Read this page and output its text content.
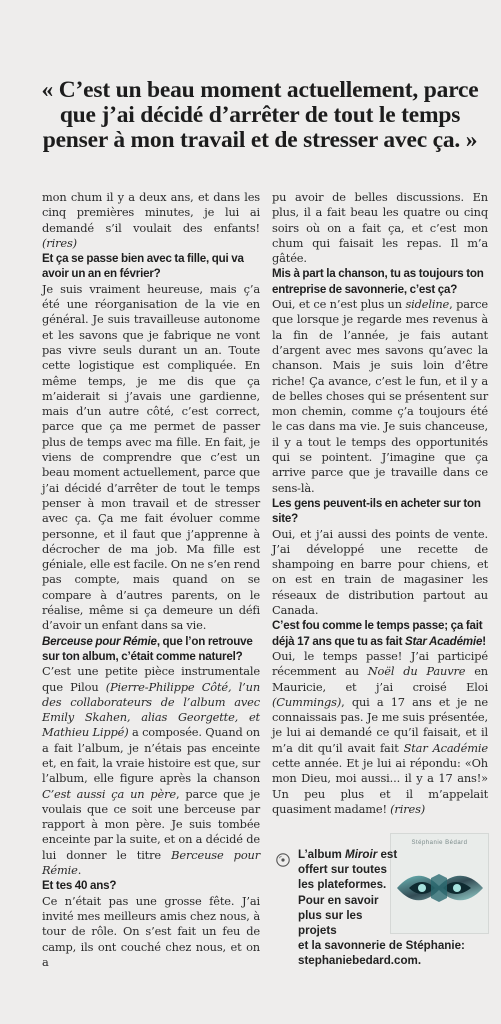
« C’est un beau moment actuellement, parce que j’ai décidé d’arrêter de tout le temps penser à mon travail et de stresser avec ça. »

mon chum il y a deux ans, et dans les cinq premières minutes, je lui ai demandé s’il voulait des enfants! (rires)

Et ça se passe bien avec ta fille, qui va avoir un an en février?

Je suis vraiment heureuse, mais ç’a été une réorganisation de la vie en général. Je suis travailleuse autonome et les savons que je fabrique ne vont pas vivre seuls durant un an. Toute cette logistique est compliquée. En même temps, je me dis que ça m’aiderait si j’avais une gardienne, mais d’un autre côté, c’est correct, parce que ça me permet de passer plus de temps avec ma fille. En fait, je viens de comprendre que c’est un beau moment actuellement, parce que j’ai décidé d’arrêter de tout le temps penser à mon travail et de stresser avec ça. Ça me fait évoluer comme personne, et il faut que j’apprenne à décrocher de ma job. Ma fille est géniale, elle est facile. On ne s’en rend pas compte, mais quand on se compare à d’autres parents, on le réalise, même si ça demeure un défi d’avoir un enfant dans sa vie.

Berceuse pour Rémie, que l’on retrouve sur ton album, c’était comme naturel?

C’est une petite pièce instrumentale que Pilou (Pierre-Philippe Côté, l’un des collaborateurs de l’album avec Emily Skahen, alias Georgette, et Mathieu Lippé) a composée. Quand on a fait l’album, je n’étais pas enceinte et, en fait, la vraie histoire est que, sur l’album, elle figure après la chanson C’est aussi ça un père, parce que je voulais que ce soit une berceuse par rapport à mon père. Je suis tombée enceinte par la suite, et on a décidé de lui donner le titre Berceuse pour Rémie.

Et tes 40 ans?

Ce n’était pas une grosse fête. J’ai invité mes meilleurs amis chez nous, à tour de rôle. On s’est fait un feu de camp, ils ont couché chez nous, et on a

pu avoir de belles discussions. En plus, il a fait beau les quatre ou cinq soirs où on a fait ça, et c’est mon chum qui faisait les repas. Il m’a gâtée.

Mis à part la chanson, tu as toujours ton entreprise de savonnerie, c’est ça?

Oui, et ce n’est plus un sideline, parce que lorsque je regarde mes revenus à la fin de l’année, je fais autant d’argent avec mes savons qu’avec la chanson. Mais je suis loin d’être riche! Ça avance, c’est le fun, et il y a de belles choses qui se présentent sur mon chemin, comme ç’a toujours été le cas dans ma vie. Je suis chanceuse, il y a tout le temps des opportunités qui se pointent. J’imagine que ça arrive parce que je travaille dans ce sens-là.

Les gens peuvent-ils en acheter sur ton site?

Oui, et j’ai aussi des points de vente. J’ai développé une recette de shampoing en barre pour chiens, et on est en train de magasiner les réseaux de distribution partout au Canada.

C’est fou comme le temps passe; ça fait déjà 17 ans que tu as fait Star Académie!

Oui, le temps passe! J’ai participé récemment au Noël du Pauvre en Mauricie, et j’ai croisé Eloi (Cummings), qui a 17 ans et je ne connaissais pas. Je me suis présentée, je lui ai demandé ce qu’il faisait, et il m’a dit qu’il avait fait Star Académie cette année. Et je lui ai répondu: «Oh mon Dieu, moi aussi... il y a 17 ans!» Un peu plus et il m’appelait quasiment madame! (rires)

Stéphanie Bédard
L’album Miroir est offert sur toutes les plateformes. Pour en savoir plus sur les projets
et la savonnerie de Stéphanie: stephaniebedard.com.
